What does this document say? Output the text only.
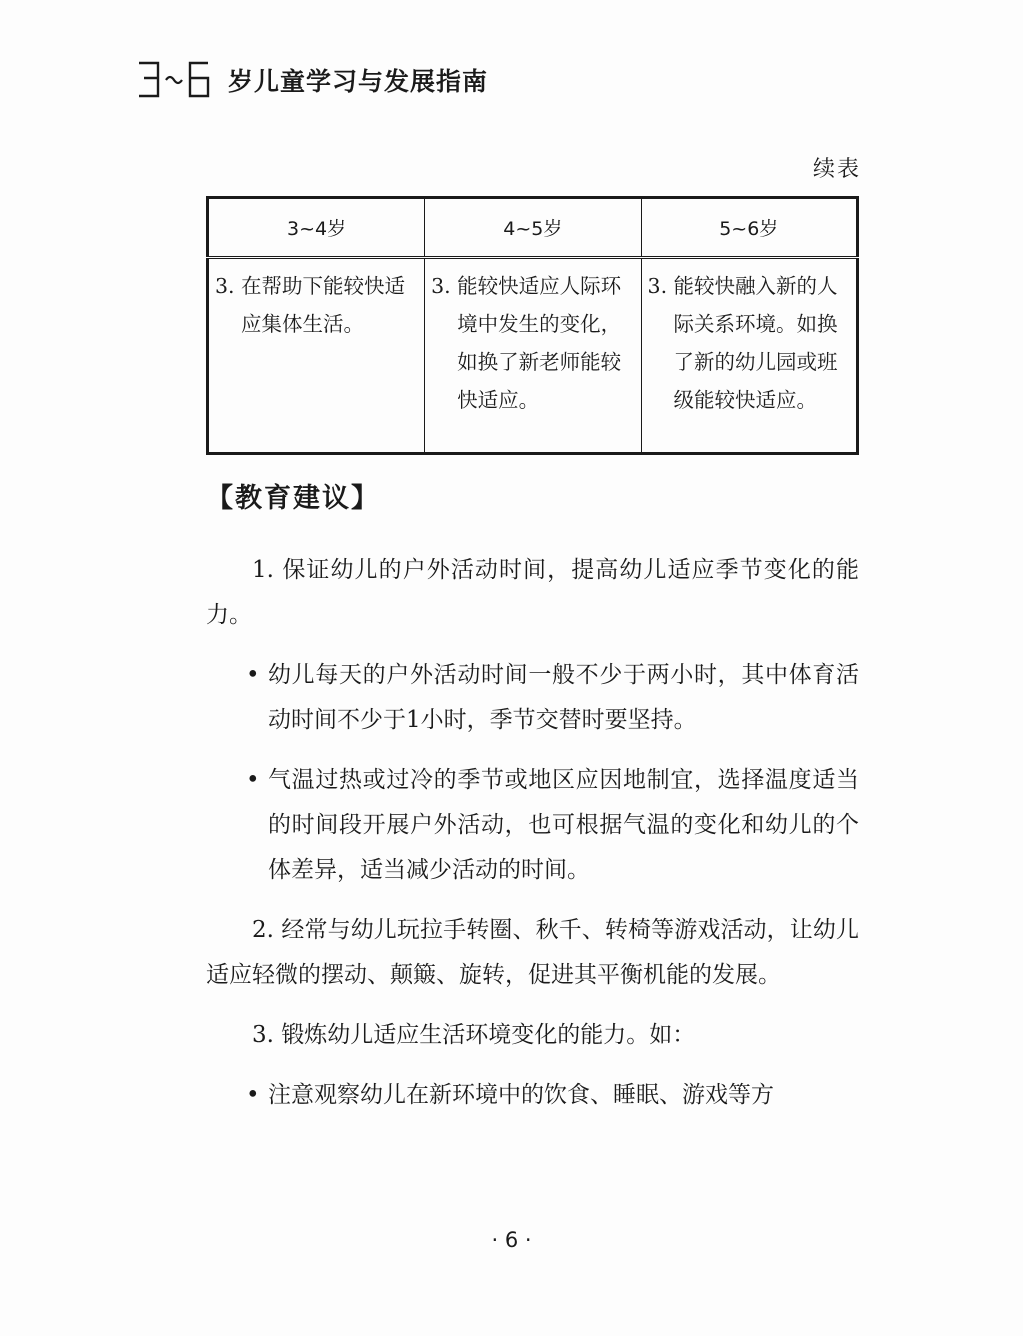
岁儿童学习与发展指南
续表
3~4岁	4~5岁	5~6岁

3. 在帮助下能较快适应集体生活。	3. 能较快适应人际环境中发生的变化，如换了新老师能较快适应。	3. 能较快融入新的人际关系环境。如换了新的幼儿园或班级能较快适应。
【教育建议】

1. 保证幼儿的户外活动时间，提高幼儿适应季节变化的能力。

• 幼儿每天的户外活动时间一般不少于两小时，其中体育活动时间不少于1小时，季节交替时要坚持。
• 气温过热或过冷的季节或地区应因地制宜，选择温度适当的时间段开展户外活动，也可根据气温的变化和幼儿的个体差异，适当减少活动的时间。

2. 经常与幼儿玩拉手转圈、秋千、转椅等游戏活动，让幼儿适应轻微的摆动、颠簸、旋转，促进其平衡机能的发展。

3. 锻炼幼儿适应生活环境变化的能力。如：

• 注意观察幼儿在新环境中的饮食、睡眠、游戏等方
· 6 ·
